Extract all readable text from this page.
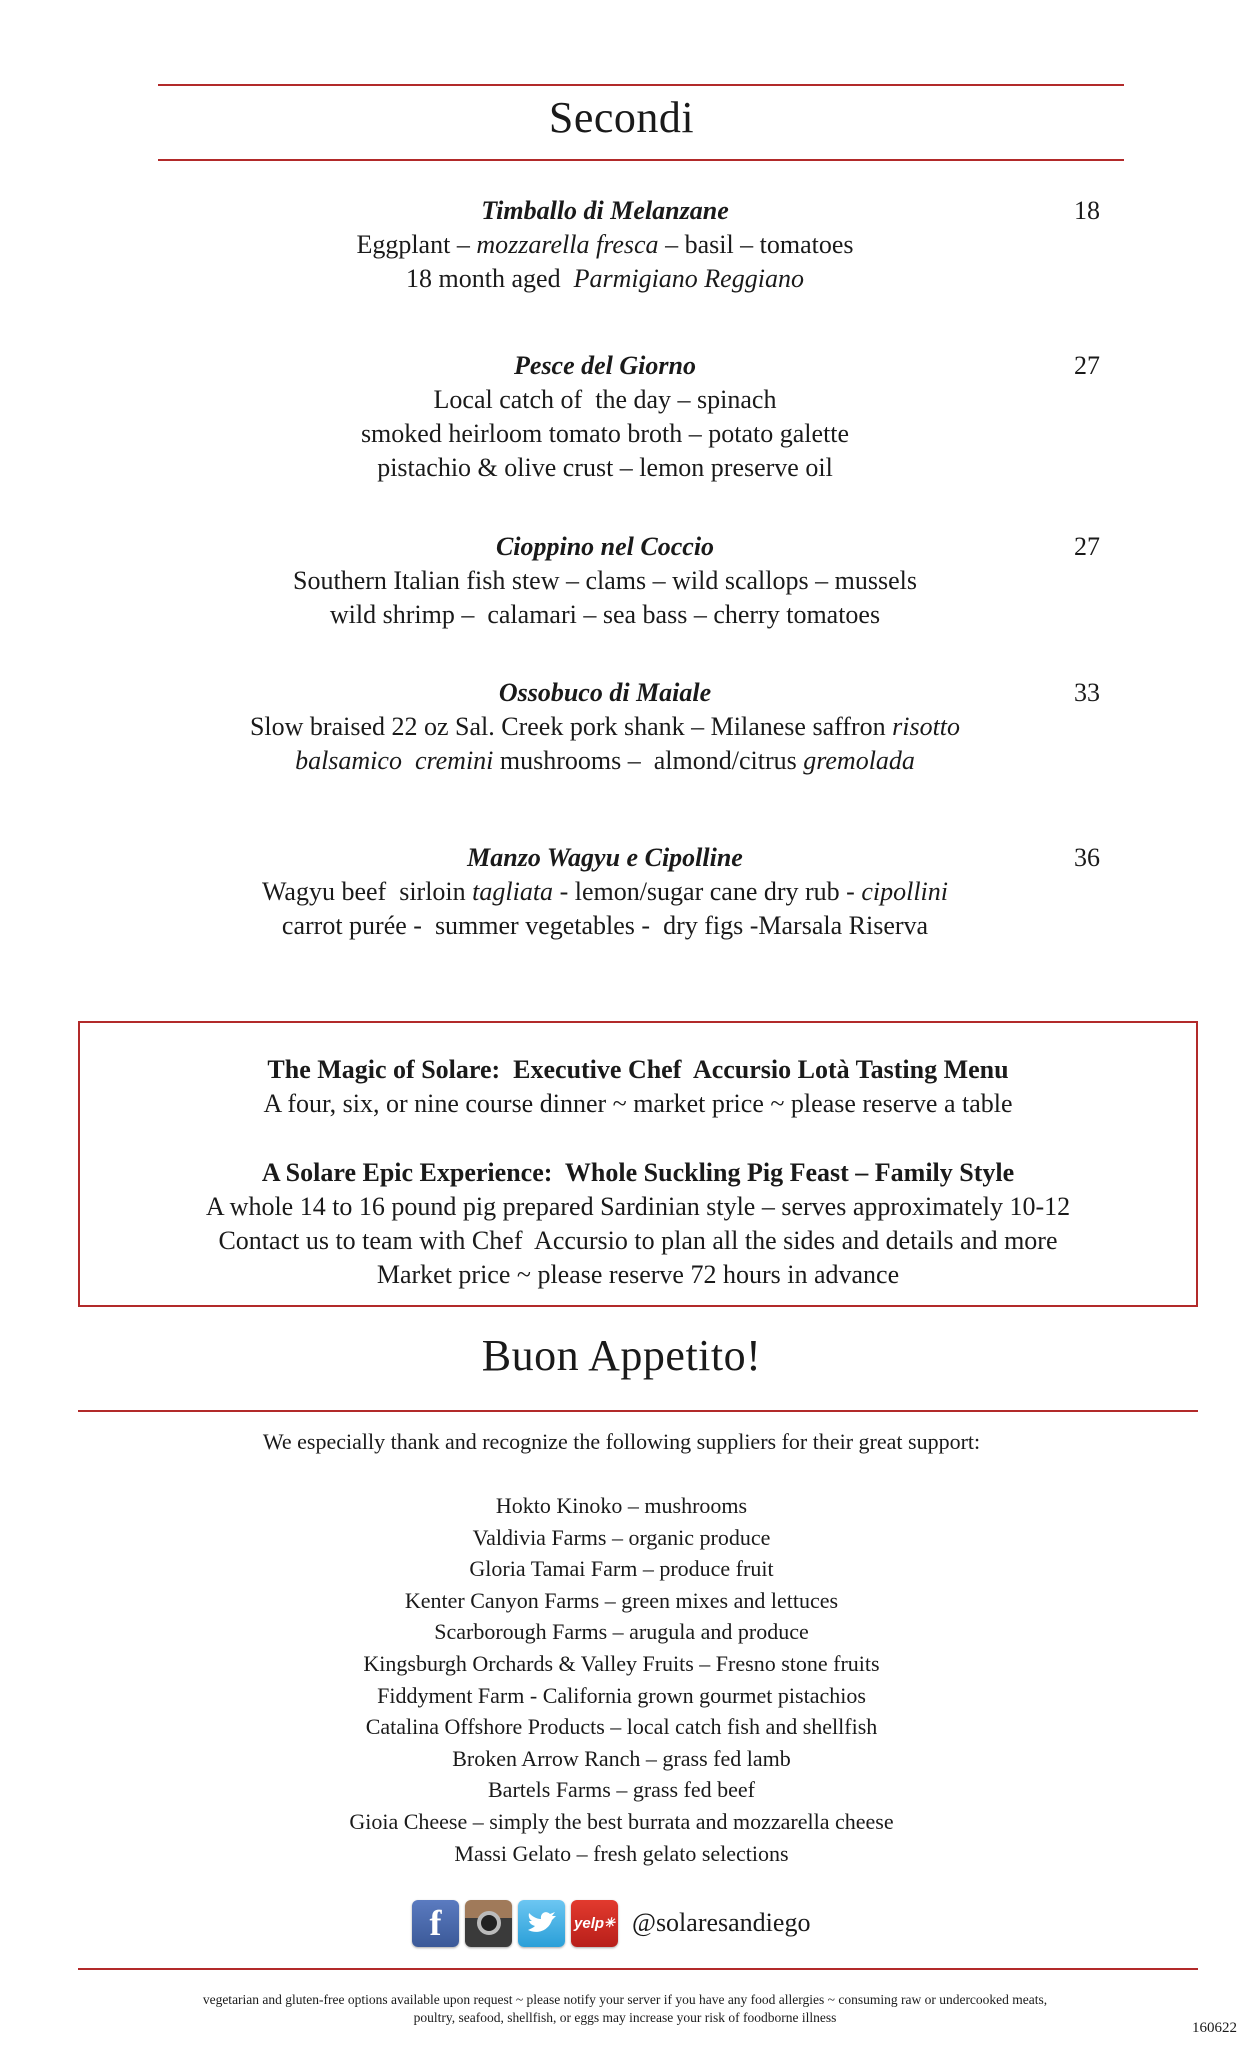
Secondi
Timballo di Melanzane
Eggplant – mozzarella fresca – basil – tomatoes
18 month aged  Parmigiano Reggiano
18
Pesce del Giorno
Local catch of  the day – spinach
smoked heirloom tomato broth – potato galette
pistachio & olive crust – lemon preserve oil
27
Cioppino nel Coccio
Southern Italian fish stew – clams – wild scallops – mussels
wild shrimp –  calamari – sea bass – cherry tomatoes
27
Ossobuco di Maiale
Slow braised 22 oz Sal. Creek pork shank – Milanese saffron risotto
balsamico  cremini mushrooms –  almond/citrus gremolada
33
Manzo Wagyu e Cipolline
Wagyu beef  sirloin tagliata - lemon/sugar cane dry rub - cipollini
carrot purée -  summer vegetables -  dry figs -Marsala Riserva
36
The Magic of Solare:  Executive Chef  Accursio Lotà Tasting Menu
A four, six, or nine course dinner ~ market price ~ please reserve a table
A Solare Epic Experience:  Whole Suckling Pig Feast – Family Style
A whole 14 to 16 pound pig prepared Sardinian style – serves approximately 10-12
Contact us to team with Chef  Accursio to plan all the sides and details and more
Market price ~ please reserve 72 hours in advance
Buon Appetito!
We especially thank and recognize the following suppliers for their great support:
Hokto Kinoko – mushrooms
Valdivia Farms – organic produce
Gloria Tamai Farm – produce fruit
Kenter Canyon Farms – green mixes and lettuces
Scarborough Farms – arugula and produce
Kingsburgh Orchards & Valley Fruits – Fresno stone fruits
Fiddyment Farm - California grown gourmet pistachios
Catalina Offshore Products – local catch fish and shellfish
Broken Arrow Ranch – grass fed lamb
Bartels Farms – grass fed beef
Gioia Cheese – simply the best burrata and mozzarella cheese
Massi Gelato – fresh gelato selections
f	yelp ✳ @solaresandiego
vegetarian and gluten-free options available upon request ~ please notify your server if you have any food allergies ~ consuming raw or undercooked meats,
poultry, seafood, shellfish, or eggs may increase your risk of foodborne illness
160622
